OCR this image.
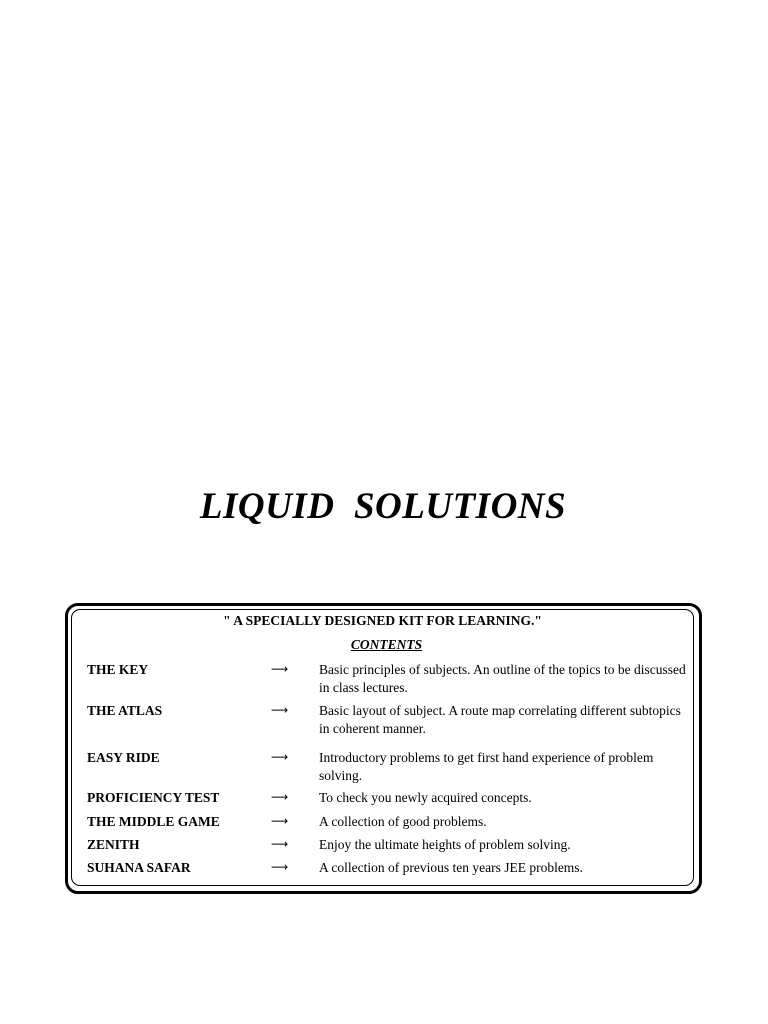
LIQUID  SOLUTIONS
" A SPECIALLY DESIGNED KIT FOR LEARNING."
CONTENTS
THE KEY	⟶ Basic principles of subjects. An outline of the topics to be discussed in class lectures.
THE ATLAS	⟶ Basic layout of subject. A route map correlating different subtopics in coherent manner.
EASY RIDE	⟶ Introductory problems to get first hand experience of problem solving.
PROFICIENCY TEST	⟶ To check you newly acquired concepts.
THE MIDDLE GAME	⟶ A collection of good problems.
ZENITH	⟶ Enjoy the ultimate heights of problem solving.
SUHANA SAFAR	⟶ A collection of previous ten years JEE problems.
